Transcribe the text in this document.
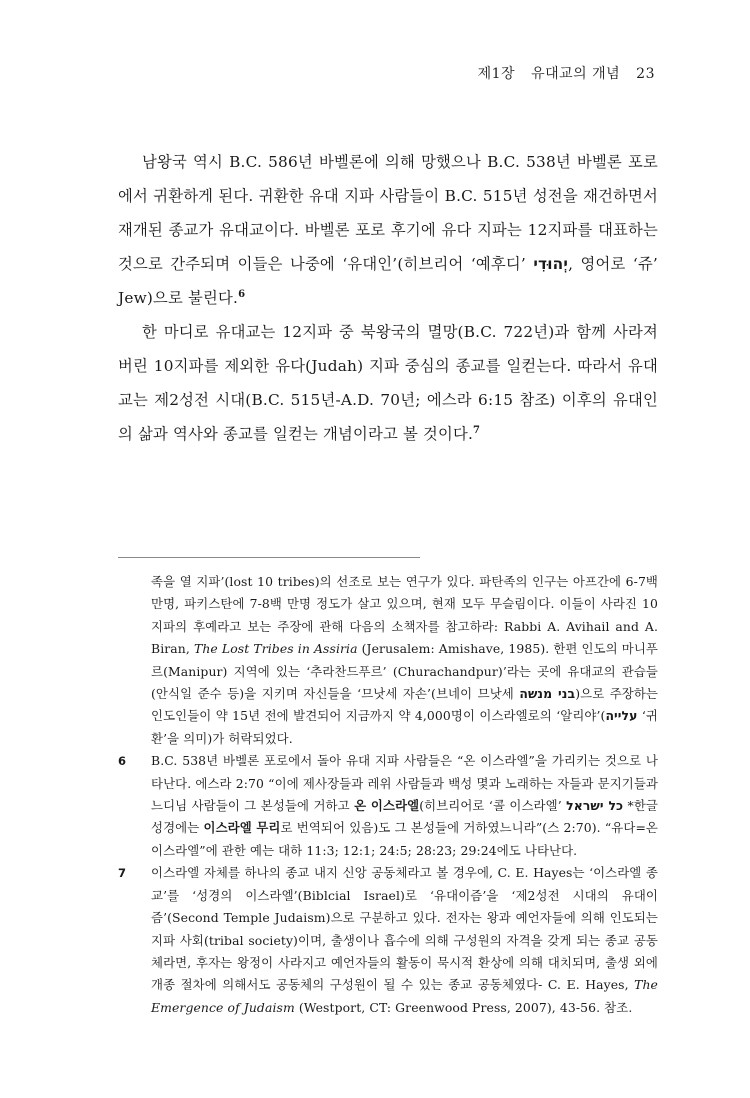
제1장 유대교의 개념 23

남왕국 역시 B.C. 586년 바벨론에 의해 망했으나 B.C. 538년 바벨론 포로에서 귀환하게 된다. 귀환한 유대 지파 사람들이 B.C. 515년 성전을 재건하면서 재개된 종교가 유대교이다. 바벨론 포로 후기에 유다 지파는 12지파를 대표하는 것으로 간주되며 이들은 나중에 ‘유대인’(히브리어 ‘예후디’ יְהוּדִי, 영어로 ‘쥬’ Jew)으로 불린다.$^6$

한 마디로 유대교는 12지파 중 북왕국의 멸망(B.C. 722년)과 함께 사라져 버린 10지파를 제외한 유다(Judah) 지파 중심의 종교를 일컫는다. 따라서 유대교는 제2성전 시대(B.C. 515년-A.D. 70년; 에스라 6:15 참조) 이후의 유대인의 삶과 역사와 종교를 일컫는 개념이라고 볼 것이다.$^7$

족을 열 지파’(lost 10 tribes)의 선조로 보는 연구가 있다. 파탄족의 인구는 아프간에 6-7백 만명, 파키스탄에 7-8백 만명 정도가 살고 있으며, 현재 모두 무슬림이다. 이들이 사라진 10지파의 후예라고 보는 주장에 관해 다음의 소책자를 참고하라: Rabbi A. Avihail and A. Biran, The Lost Tribes in Assiria (Jerusalem: Amishave, 1985). 한편 인도의 마니푸르(Manipur) 지역에 있는 ‘추라찬드푸르’ (Churachandpur)’라는 곳에 유대교의 관습들(안식일 준수 등)을 지키며 자신들을 ‘므낫세 자손’(브네이 므낫세 בני מנשה)으로 주장하는 인도인들이 약 15년 전에 발견되어 지금까지 약 4,000명이 이스라엘로의 ‘알리야’(עלייה ‘귀환’을 의미)가 허락되었다.
6 B.C. 538년 바벨론 포로에서 돌아 유대 지파 사람들은 “온 이스라엘”을 가리키는 것으로 나타난다. 에스라 2:70 “이에 제사장들과 레위 사람들과 백성 몇과 노래하는 자들과 문지기들과 느디님 사람들이 그 본성들에 거하고 온 이스라엘(히브리어로 ‘콜 이스라엘’ כל ישראל *한글 성경에는 이스라엘 무리로 번역되어 있음)도 그 본성들에 거하였느니라”(스 2:70). “유다=온 이스라엘”에 관한 예는 대하 11:3; 12:1; 24:5; 28:23; 29:24에도 나타난다.
7 이스라엘 자체를 하나의 종교 내지 신앙 공동체라고 볼 경우에, C. E. Hayes는 ‘이스라엘 종교’를 ‘성경의 이스라엘’(Biblcial Israel)로 ‘유대이즘’을 ‘제2성전 시대의 유대이즘’(Second Temple Judaism)으로 구분하고 있다. 전자는 왕과 예언자들에 의해 인도되는 지파 사회(tribal society)이며, 출생이나 흡수에 의해 구성원의 자격을 갖게 되는 종교 공동체라면, 후자는 왕정이 사라지고 예언자들의 활동이 묵시적 환상에 의해 대치되며, 출생 외에 개종 절차에 의해서도 공동체의 구성원이 될 수 있는 종교 공동체였다- C. E. Hayes, The Emergence of Judaism (Westport, CT: Greenwood Press, 2007), 43-56. 참조.
